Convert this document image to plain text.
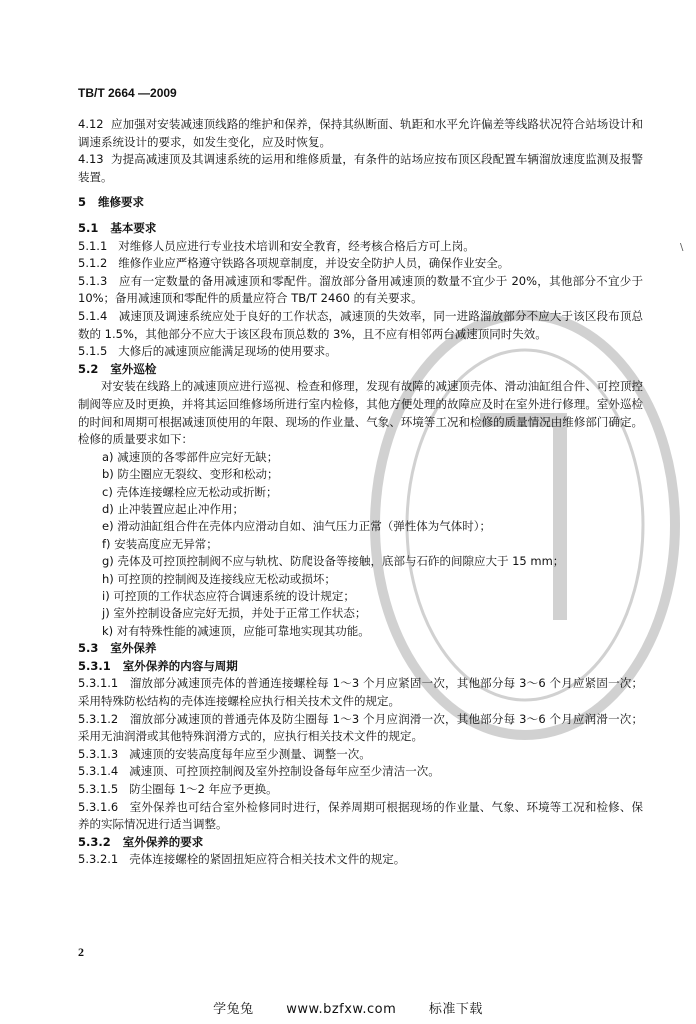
TB/T 2664 —2009
\
4.12  应加强对安装减速顶线路的维护和保养，保持其纵断面、轨距和水平允许偏差等线路状况符合站场设计和调速系统设计的要求，如发生变化，应及时恢复。
4.13  为提高减速顶及其调速系统的运用和维修质量，有条件的站场应按布顶区段配置车辆溜放速度监测及报警装置。
5   维修要求
5.1   基本要求
5.1.1   对维修人员应进行专业技术培训和安全教育，经考核合格后方可上岗。
5.1.2   维修作业应严格遵守铁路各项规章制度，并设安全防护人员，确保作业安全。
5.1.3   应有一定数量的备用减速顶和零配件。溜放部分备用减速顶的数量不宜少于 20%，其他部分不宜少于 10%；备用减速顶和零配件的质量应符合 TB/T 2460 的有关要求。
5.1.4   减速顶及调速系统应处于良好的工作状态，减速顶的失效率，同一进路溜放部分不应大于该区段布顶总数的 1.5%，其他部分不应大于该区段布顶总数的 3%，且不应有相邻两台减速顶同时失效。
5.1.5   大修后的减速顶应能满足现场的使用要求。
5.2   室外巡检
对安装在线路上的减速顶应进行巡视、检查和修理，发现有故障的减速顶壳体、滑动油缸组合件、可控顶控制阀等应及时更换，并将其运回维修场所进行室内检修，其他方便处理的故障应及时在室外进行修理。室外巡检的时间和周期可根据减速顶使用的年限、现场的作业量、气象、环境等工况和检修的质量情况由维修部门确定。检修的质量要求如下：
a) 减速顶的各零部件应完好无缺；
b) 防尘圈应无裂纹、变形和松动；
c) 壳体连接螺栓应无松动或折断；
d) 止冲装置应起止冲作用；
e) 滑动油缸组合件在壳体内应滑动自如、油气压力正常（弹性体为气体时）；
f) 安装高度应无异常；
g) 壳体及可控顶控制阀不应与轨枕、防爬设备等接触，底部与石砟的间隙应大于 15 mm；
h) 可控顶的控制阀及连接线应无松动或损坏；
i) 可控顶的工作状态应符合调速系统的设计规定；
j) 室外控制设备应完好无损，并处于正常工作状态；
k) 对有特殊性能的减速顶，应能可靠地实现其功能。
5.3   室外保养
5.3.1   室外保养的内容与周期
5.3.1.1   溜放部分减速顶壳体的普通连接螺栓每 1～3 个月应紧固一次，其他部分每 3～6 个月应紧固一次；采用特殊防松结构的壳体连接螺栓应执行相关技术文件的规定。
5.3.1.2   溜放部分减速顶的普通壳体及防尘圈每 1～3 个月应润滑一次，其他部分每 3～6 个月应润滑一次；采用无油润滑或其他特殊润滑方式的，应执行相关技术文件的规定。
5.3.1.3   减速顶的安装高度每年应至少测量、调整一次。
5.3.1.4   减速顶、可控顶控制阀及室外控制设备每年应至少清洁一次。
5.3.1.5   防尘圈每 1～2 年应予更换。
5.3.1.6   室外保养也可结合室外检修同时进行，保养周期可根据现场的作业量、气象、环境等工况和检修、保养的实际情况进行适当调整。
5.3.2   室外保养的要求
5.3.2.1   壳体连接螺栓的紧固扭矩应符合相关技术文件的规定。
2
学兔兔	www.bzfxw.com	标准下载
